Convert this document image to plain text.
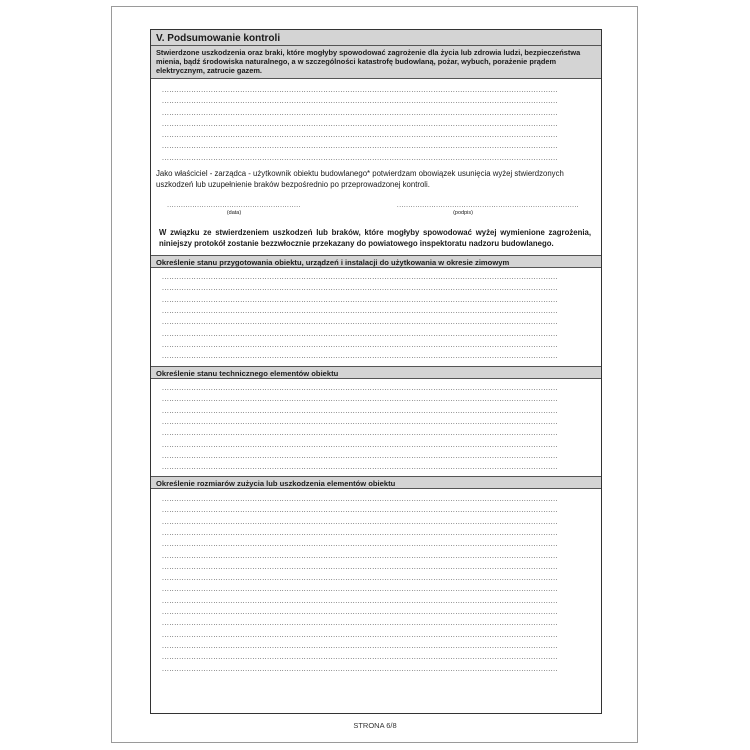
V. Podsumowanie kontroli
Stwierdzone uszkodzenia oraz braki, które mogłyby spowodować zagrożenie dla życia lub zdrowia ludzi, bezpieczeństwa mienia, bądź środowiska naturalnego, a w szczególności katastrofę budowlaną, pożar, wybuch, porażenie prądem elektrycznym, zatrucie gazem.
..................................................................................................................................................................
..................................................................................................................................................................
..................................................................................................................................................................
..................................................................................................................................................................
..................................................................................................................................................................
..................................................................................................................................................................
..................................................................................................................................................................
Jako właściciel - zarządca - użytkownik obiektu budowlanego* potwierdzam obowiązek usunięcia wyżej stwierdzonych uszkodzeń lub uzupełnienie braków bezpośrednio po przeprowadzonej kontroli.
..........................................................
(data)
...............................................................................
(podpis)
W związku ze stwierdzeniem uszkodzeń lub braków, które mogłyby spowodować wyżej wymienione zagrożenia, niniejszy protokół zostanie bezzwłocznie przekazany do powiatowego inspektoratu nadzoru budowlanego.
Określenie stanu przygotowania obiektu, urządzeń i instalacji do użytkowania w okresie zimowym
..................................................................................................................................................................
..................................................................................................................................................................
..................................................................................................................................................................
..................................................................................................................................................................
..................................................................................................................................................................
..................................................................................................................................................................
..................................................................................................................................................................
..................................................................................................................................................................
Określenie stanu technicznego elementów obiektu
..................................................................................................................................................................
..................................................................................................................................................................
..................................................................................................................................................................
..................................................................................................................................................................
..................................................................................................................................................................
..................................................................................................................................................................
..................................................................................................................................................................
..................................................................................................................................................................
Określenie rozmiarów zużycia lub uszkodzenia elementów obiektu
..................................................................................................................................................................
..................................................................................................................................................................
..................................................................................................................................................................
..................................................................................................................................................................
..................................................................................................................................................................
..................................................................................................................................................................
..................................................................................................................................................................
..................................................................................................................................................................
..................................................................................................................................................................
..................................................................................................................................................................
..................................................................................................................................................................
..................................................................................................................................................................
..................................................................................................................................................................
..................................................................................................................................................................
..................................................................................................................................................................
..................................................................................................................................................................
STRONA 6/8
